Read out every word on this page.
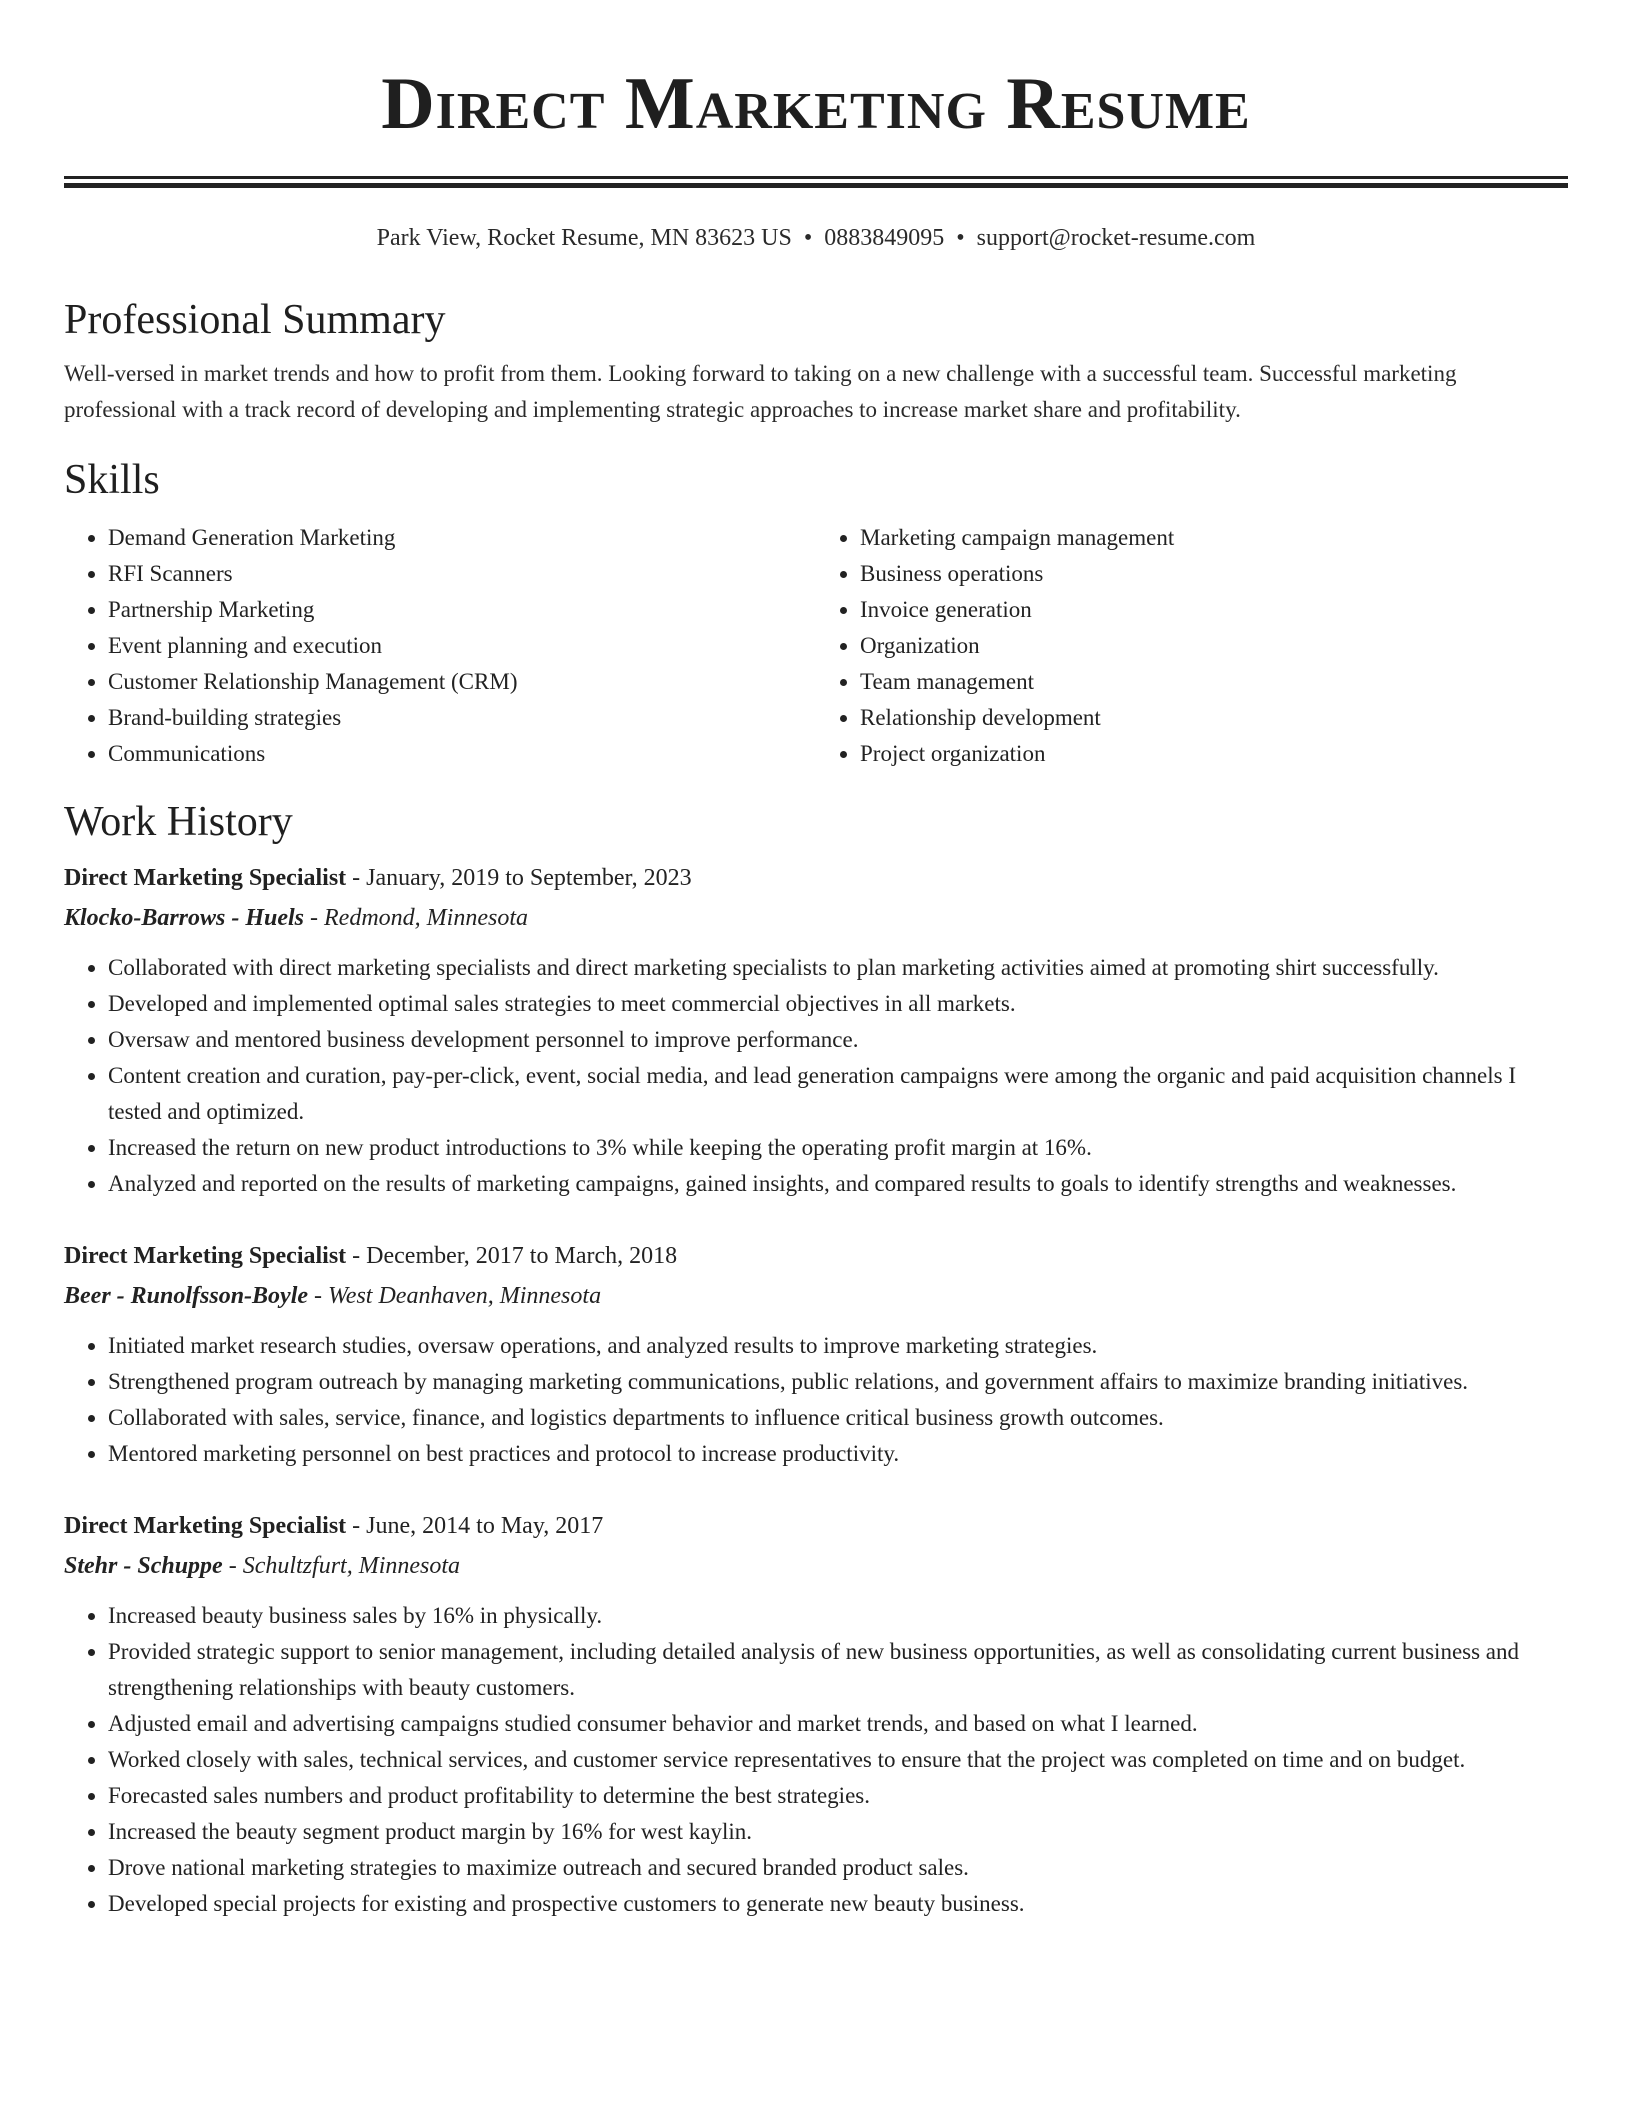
Direct Marketing Resume
Park View, Rocket Resume, MN 83623 US • 0883849095 • support@rocket-resume.com
Professional Summary

Well-versed in market trends and how to profit from them. Looking forward to taking on a new challenge with a successful team. Successful marketing professional with a track record of developing and implementing strategic approaches to increase market share and profitability.

Skills
• Demand Generation Marketing
• RFI Scanners
• Partnership Marketing
• Event planning and execution
• Customer Relationship Management (CRM)
• Brand-building strategies
• Communications
• Marketing campaign management
• Business operations
• Invoice generation
• Organization
• Team management
• Relationship development
• Project organization
Work History
Direct Marketing Specialist - January, 2019 to September, 2023
Klocko-Barrows - Huels - Redmond, Minnesota
• Collaborated with direct marketing specialists and direct marketing specialists to plan marketing activities aimed at promoting shirt successfully.
• Developed and implemented optimal sales strategies to meet commercial objectives in all markets.
• Oversaw and mentored business development personnel to improve performance.
• Content creation and curation, pay-per-click, event, social media, and lead generation campaigns were among the organic and paid acquisition channels I tested and optimized.
• Increased the return on new product introductions to 3% while keeping the operating profit margin at 16%.
• Analyzed and reported on the results of marketing campaigns, gained insights, and compared results to goals to identify strengths and weaknesses.
Direct Marketing Specialist - December, 2017 to March, 2018
Beer - Runolfsson-Boyle - West Deanhaven, Minnesota
• Initiated market research studies, oversaw operations, and analyzed results to improve marketing strategies.
• Strengthened program outreach by managing marketing communications, public relations, and government affairs to maximize branding initiatives.
• Collaborated with sales, service, finance, and logistics departments to influence critical business growth outcomes.
• Mentored marketing personnel on best practices and protocol to increase productivity.
Direct Marketing Specialist - June, 2014 to May, 2017
Stehr - Schuppe - Schultzfurt, Minnesota
• Increased beauty business sales by 16% in physically.
• Provided strategic support to senior management, including detailed analysis of new business opportunities, as well as consolidating current business and strengthening relationships with beauty customers.
• Adjusted email and advertising campaigns studied consumer behavior and market trends, and based on what I learned.
• Worked closely with sales, technical services, and customer service representatives to ensure that the project was completed on time and on budget.
• Forecasted sales numbers and product profitability to determine the best strategies.
• Increased the beauty segment product margin by 16% for west kaylin.
• Drove national marketing strategies to maximize outreach and secured branded product sales.
• Developed special projects for existing and prospective customers to generate new beauty business.
